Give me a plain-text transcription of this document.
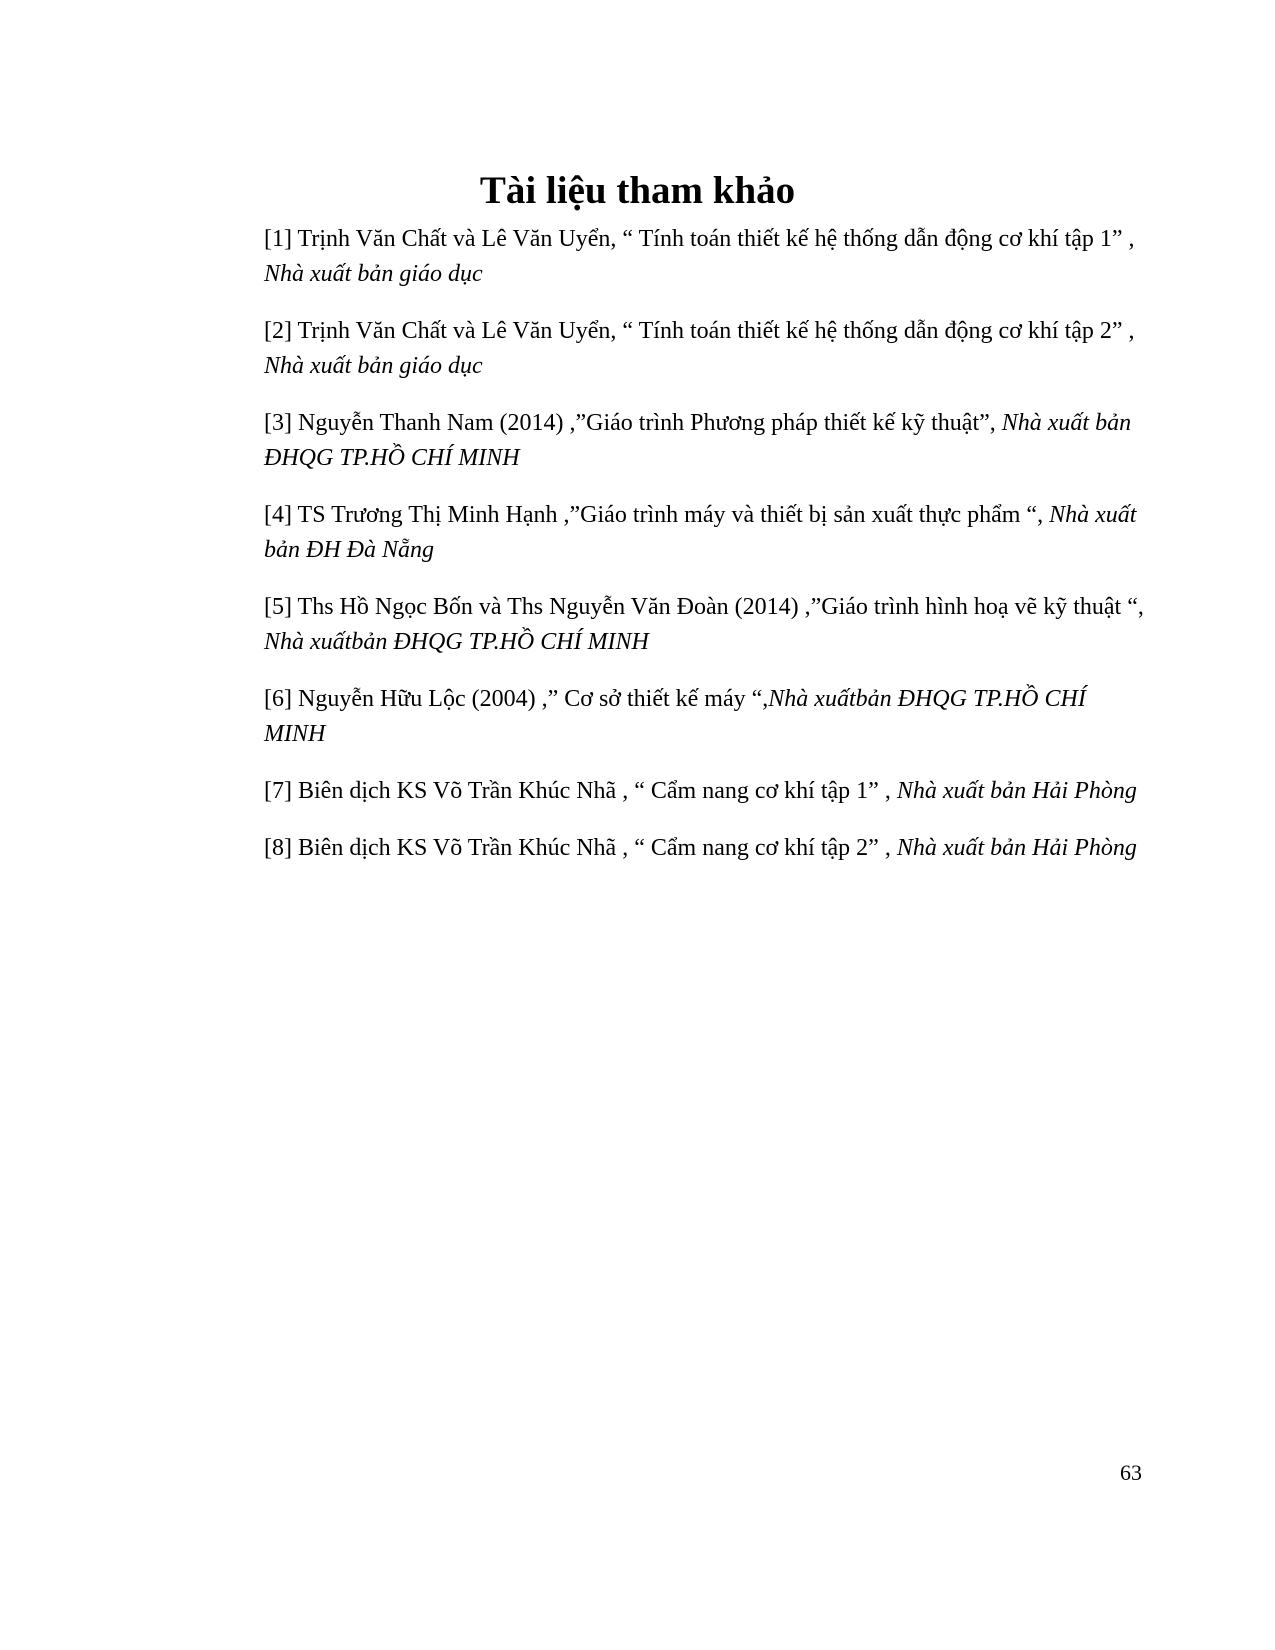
Tài liệu tham khảo

[1] Trịnh Văn Chất và Lê Văn Uyển, “ Tính toán thiết kế hệ thống dẫn động cơ khí tập 1” , Nhà xuất bản giáo dục

[2] Trịnh Văn Chất và Lê Văn Uyển, “ Tính toán thiết kế hệ thống dẫn động cơ khí tập 2” , Nhà xuất bản giáo dục

[3] Nguyễn Thanh Nam (2014) ,”Giáo trình Phương pháp thiết kế kỹ thuật”, Nhà xuất bản ĐHQG TP.HỒ CHÍ MINH

[4] TS Trương Thị Minh Hạnh ,”Giáo trình máy và thiết bị sản xuất thực phẩm “, Nhà xuất bản ĐH Đà Nẵng

[5] Ths Hồ Ngọc Bốn và Ths Nguyễn Văn Đoàn (2014) ,”Giáo trình hình hoạ vẽ kỹ thuật “, Nhà xuấtbản ĐHQG TP.HỒ CHÍ MINH

[6] Nguyễn Hữu Lộc (2004) ,” Cơ sở thiết kế máy “,Nhà xuấtbản ĐHQG TP.HỒ CHÍ MINH

[7] Biên dịch KS Võ Trần Khúc Nhã , “ Cẩm nang cơ khí tập 1” , Nhà xuất bản Hải Phòng

[8] Biên dịch KS Võ Trần Khúc Nhã , “ Cẩm nang cơ khí tập 2” , Nhà xuất bản Hải Phòng

63
